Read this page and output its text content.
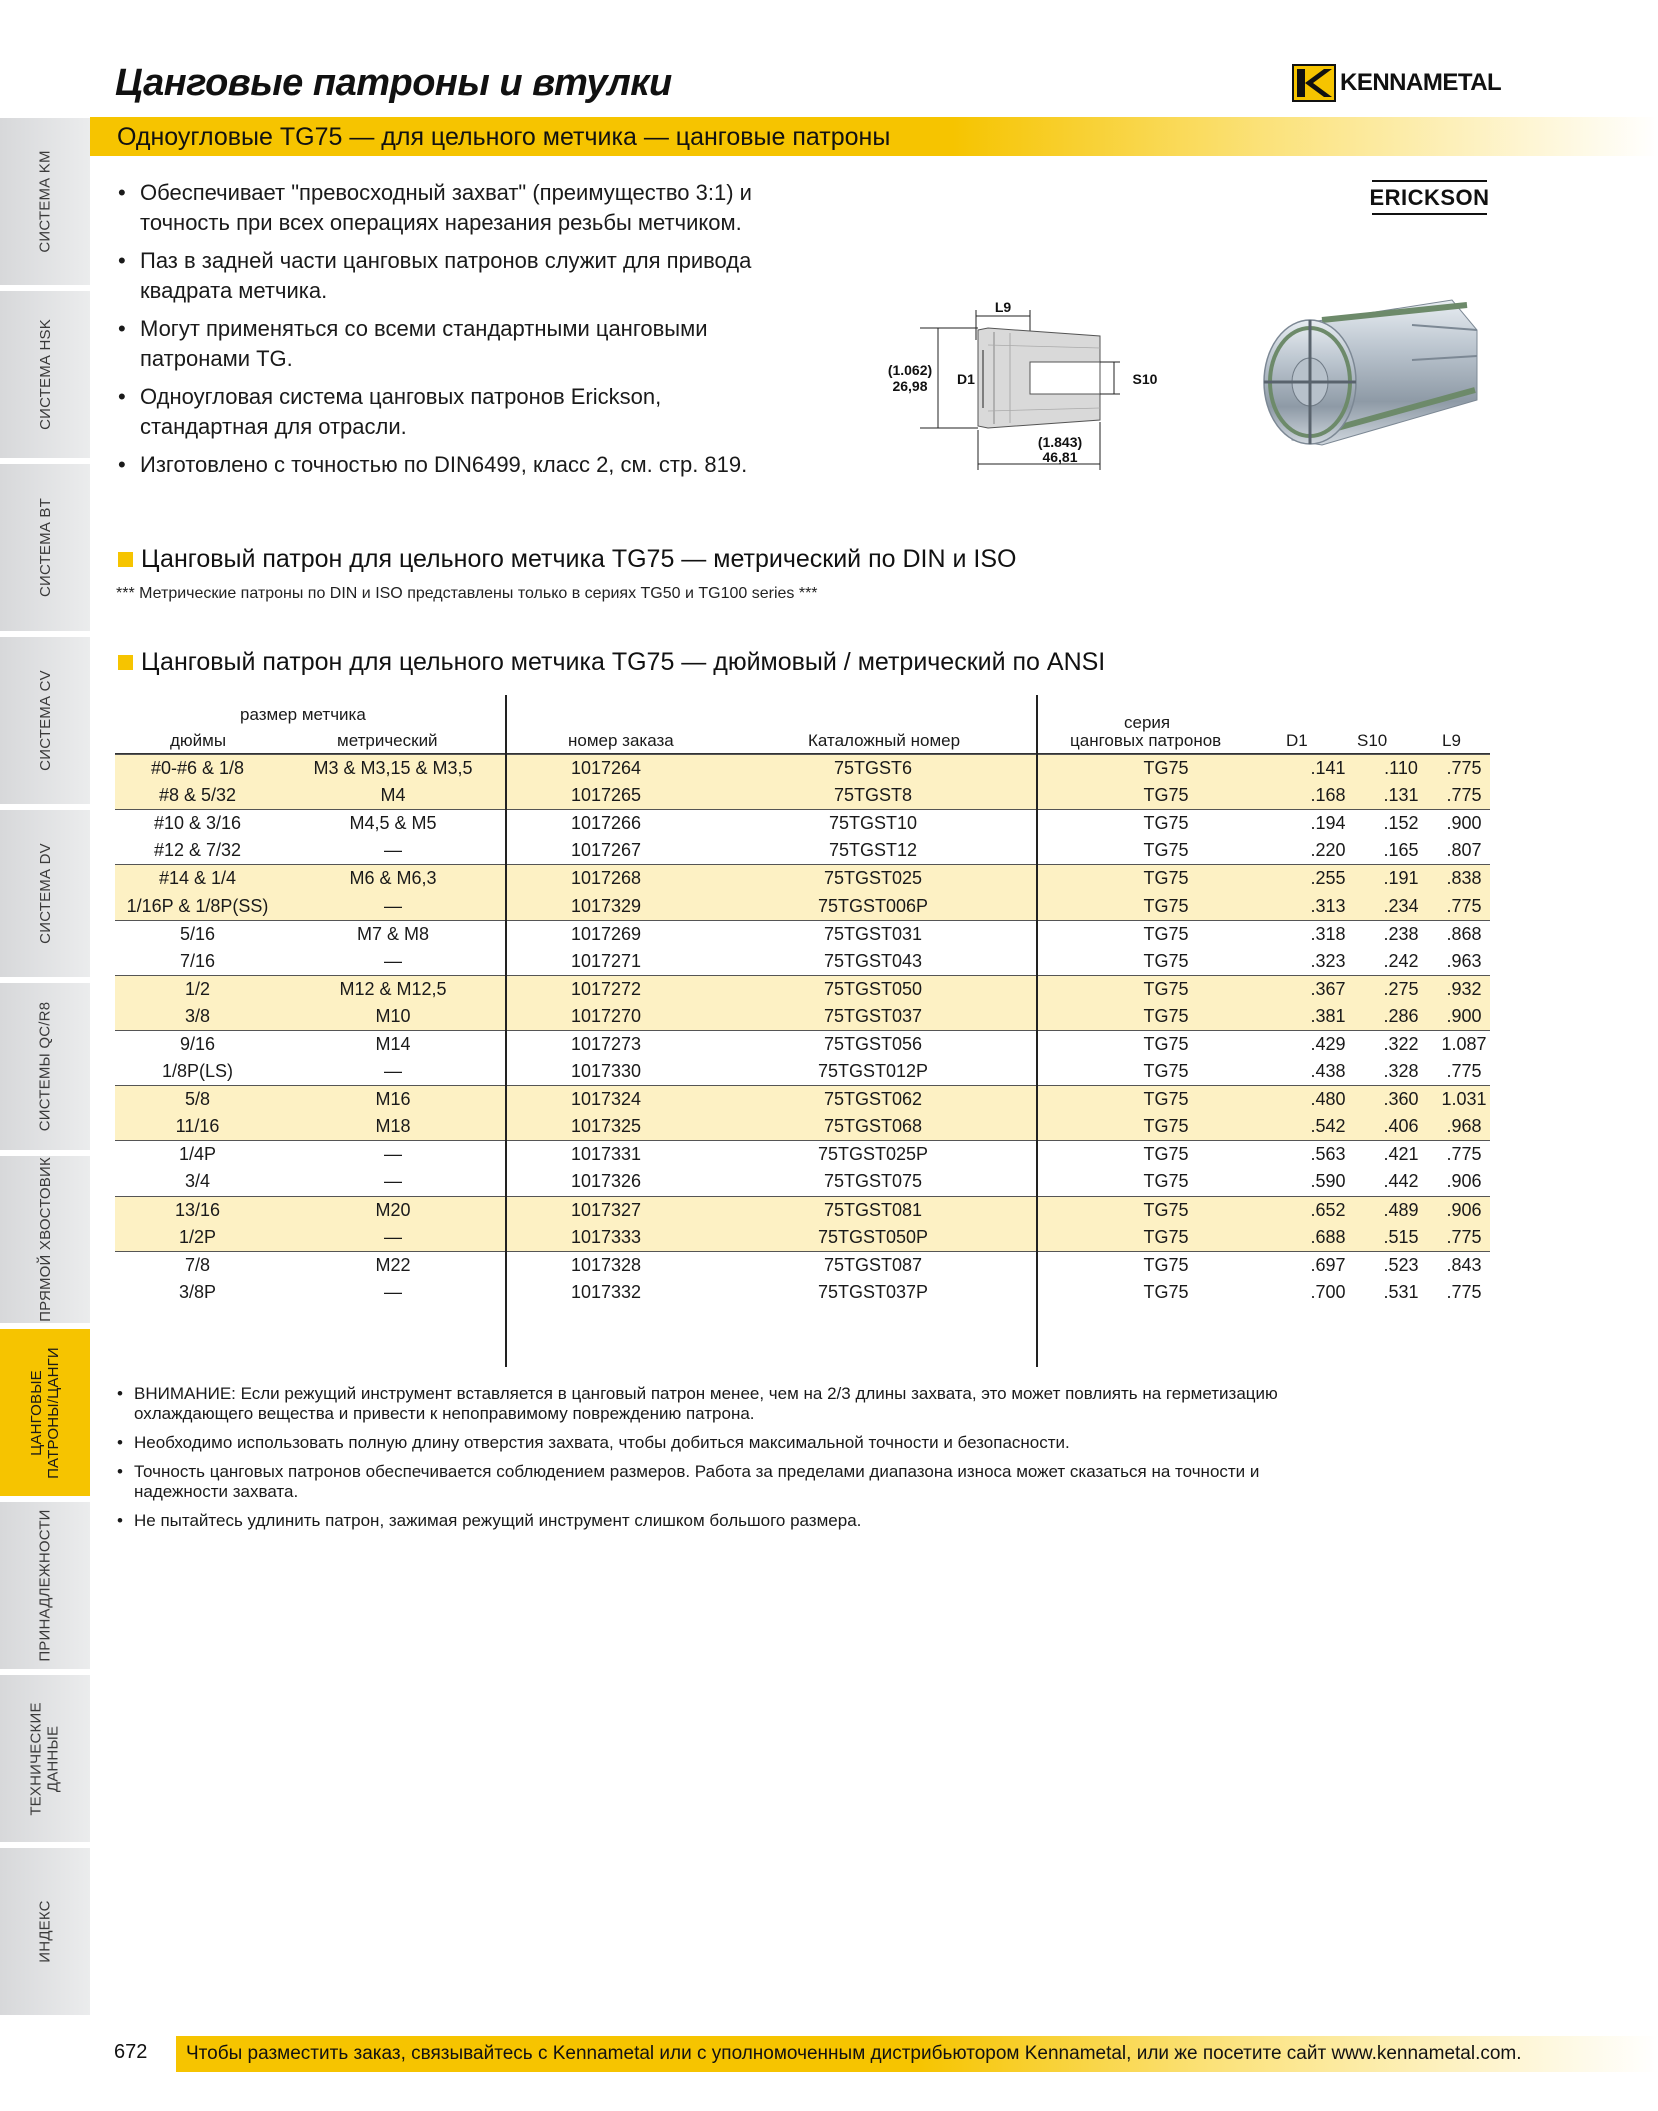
СИСТЕМА KM
СИСТЕМА HSK
СИСТЕМА BT
СИСТЕМА CV
СИСТЕМА DV
СИСТЕМЫ QC/R8
ПРЯМОЙ ХВОСТОВИК
ЦАНГОВЫЕ ПАТРОНЫ/ЦАНГИ
ПРИНАДЛЕЖНОСТИ
ТЕХНИЧЕСКИЕ ДАННЫЕ
ИНДЕКС
Цанговые патроны и втулки	KENNAMETAL
Одноугловые TG75 — для цельного метчика — цанговые патроны
ERICKSON
• Обеспечивает "превосходный захват" (преимущество 3:1) и точность при всех операциях нарезания резьбы метчиком.
• Паз в задней части цанговых патронов служит для привода квадрата метчика.
• Могут применяться со всеми стандартными цанговыми патронами TG.
• Одноугловая система цанговых патронов Erickson, стандартная для отрасли.
• Изготовлено с точностью по DIN6499, класс 2, см. стр. 819.
L9
(1.062)
26,98 D1	S10
(1.843)
46,81
Цанговый патрон для цельного метчика TG75 — метрический по DIN и ISO
*** Метрические патроны по DIN и ISO представлены только в сериях TG50 и TG100 series ***
Цанговый патрон для цельного метчика TG75 — дюймовый / метрический по ANSI
размер метчика
дюймы	метрический	номер заказа	Каталожный номер
серия
цанговых патронов	D1	S10	L9
#0-#6 & 1/8	M3 & M3,15 & M3,5	1017264	75TGST6	TG75	.141	.110	.775
#8 & 5/32	M4	1017265	75TGST8	TG75	.168	.131	.775
#10 & 3/16	M4,5 & M5	1017266	75TGST10	TG75	.194	.152	.900
#12 & 7/32	—	1017267	75TGST12	TG75	.220	.165	.807
#14 & 1/4	M6 & M6,3	1017268	75TGST025	TG75	.255	.191	.838
1/16P & 1/8P(SS)	—	1017329	75TGST006P	TG75	.313	.234	.775
5/16	M7 & M8	1017269	75TGST031	TG75	.318	.238	.868
7/16	—	1017271	75TGST043	TG75	.323	.242	.963
1/2	M12 & M12,5	1017272	75TGST050	TG75	.367	.275	.932
3/8	M10	1017270	75TGST037	TG75	.381	.286	.900
9/16	M14	1017273	75TGST056	TG75	.429	.322	1.087
1/8P(LS)	—	1017330	75TGST012P	TG75	.438	.328	.775
5/8	M16	1017324	75TGST062	TG75	.480	.360	1.031
11/16	M18	1017325	75TGST068	TG75	.542	.406	.968
1/4P	—	1017331	75TGST025P	TG75	.563	.421	.775
3/4	—	1017326	75TGST075	TG75	.590	.442	.906
13/16	M20	1017327	75TGST081	TG75	.652	.489	.906
1/2P	—	1017333	75TGST050P	TG75	.688	.515	.775
7/8	M22	1017328	75TGST087	TG75	.697	.523	.843
3/8P	—	1017332	75TGST037P	TG75	.700	.531	.775
• ВНИМАНИЕ: Если режущий инструмент вставляется в цанговый патрон менее, чем на 2/3 длины захвата, это может повлиять на герметизацию охлаждающего вещества и привести к непоправимому повреждению патрона.
• Необходимо использовать полную длину отверстия захвата, чтобы добиться максимальной точности и безопасности.
• Точность цанговых патронов обеспечивается соблюдением размеров. Работа за пределами диапазона износа может сказаться на точности и надежности захвата.
• Не пытайтесь удлинить патрон, зажимая режущий инструмент слишком большого размера.
672 Чтобы разместить заказ, связывайтесь с Kennametal или с уполномоченным дистрибьютором Kennametal, или же посетите сайт www.kennametal.com.
